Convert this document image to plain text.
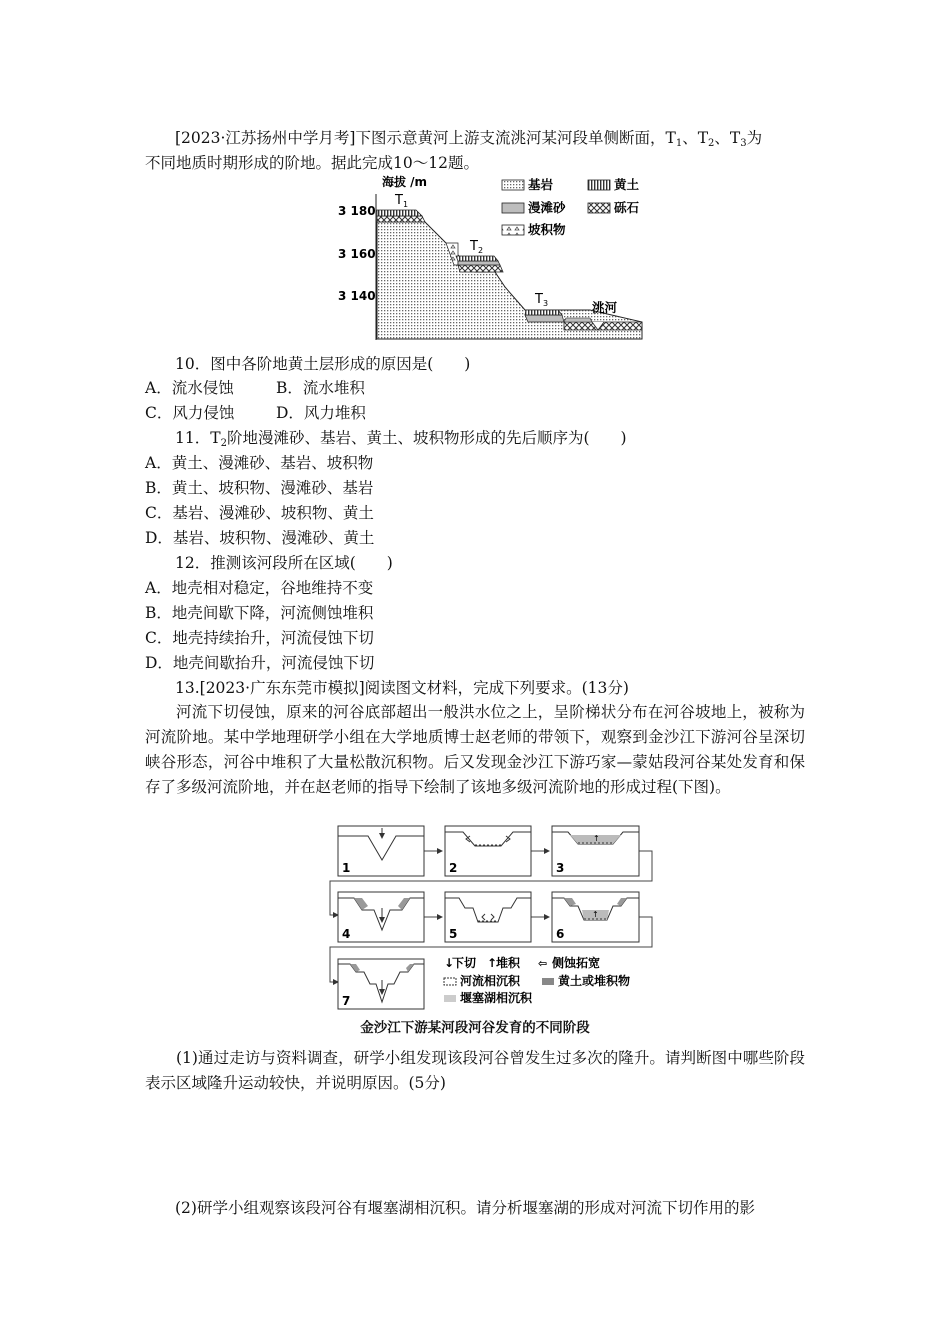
[2023·江苏扬州中学月考]下图示意黄河上游支流洮河某河段单侧断面，$T_1$、$T_2$、$T_3$为
不同地质时期形成的阶地。据此完成10～12题。
海拔 /m
3 180
3 160
3 140
$T_1$
$T_2$
$T_3$	洮河
基岩	黄土
漫滩砂	砾石
坡积物
10．图中各阶地黄土层形成的原因是(　　)
A．流水侵蚀	B．流水堆积
C．风力侵蚀	D．风力堆积
11．$T_2$阶地漫滩砂、基岩、黄土、坡积物形成的先后顺序为(　　)
A．黄土、漫滩砂、基岩、坡积物
B．黄土、坡积物、漫滩砂、基岩
C．基岩、漫滩砂、坡积物、黄土
D．基岩、坡积物、漫滩砂、黄土
12．推测该河段所在区域(　　)
A．地壳相对稳定，谷地维持不变
B．地壳间歇下降，河流侧蚀堆积
C．地壳持续抬升，河流侵蚀下切
D．地壳间歇抬升，河流侵蚀下切
13.[2023·广东东莞市模拟]阅读图文材料，完成下列要求。(13分)
河流下切侵蚀，原来的河谷底部超出一般洪水位之上，呈阶梯状分布在河谷坡地上，被称为河流阶地。某中学地理研学小组在大学地质博士赵老师的带领下，观察到金沙江下游河谷呈深切峡谷形态，河谷中堆积了大量松散沉积物。后又发现金沙江下游巧家—蒙姑段河谷某处发育和保存了多级河流阶地，并在赵老师的指导下绘制了该地多级河流阶地的形成过程(下图)。
1	2
↑
3
4	5
↑
6
7
↓
下切 ↑
堆积 ⇦ 侧蚀拓宽
河流相沉积	黄土或堆积物
堰塞湖相沉积
金沙江下游某河段河谷发育的不同阶段
(1)通过走访与资料调查，研学小组发现该段河谷曾发生过多次的隆升。请判断图中哪些阶段表示区域隆升运动较快，并说明原因。(5分)
(2)研学小组观察该段河谷有堰塞湖相沉积。请分析堰塞湖的形成对河流下切作用的影
